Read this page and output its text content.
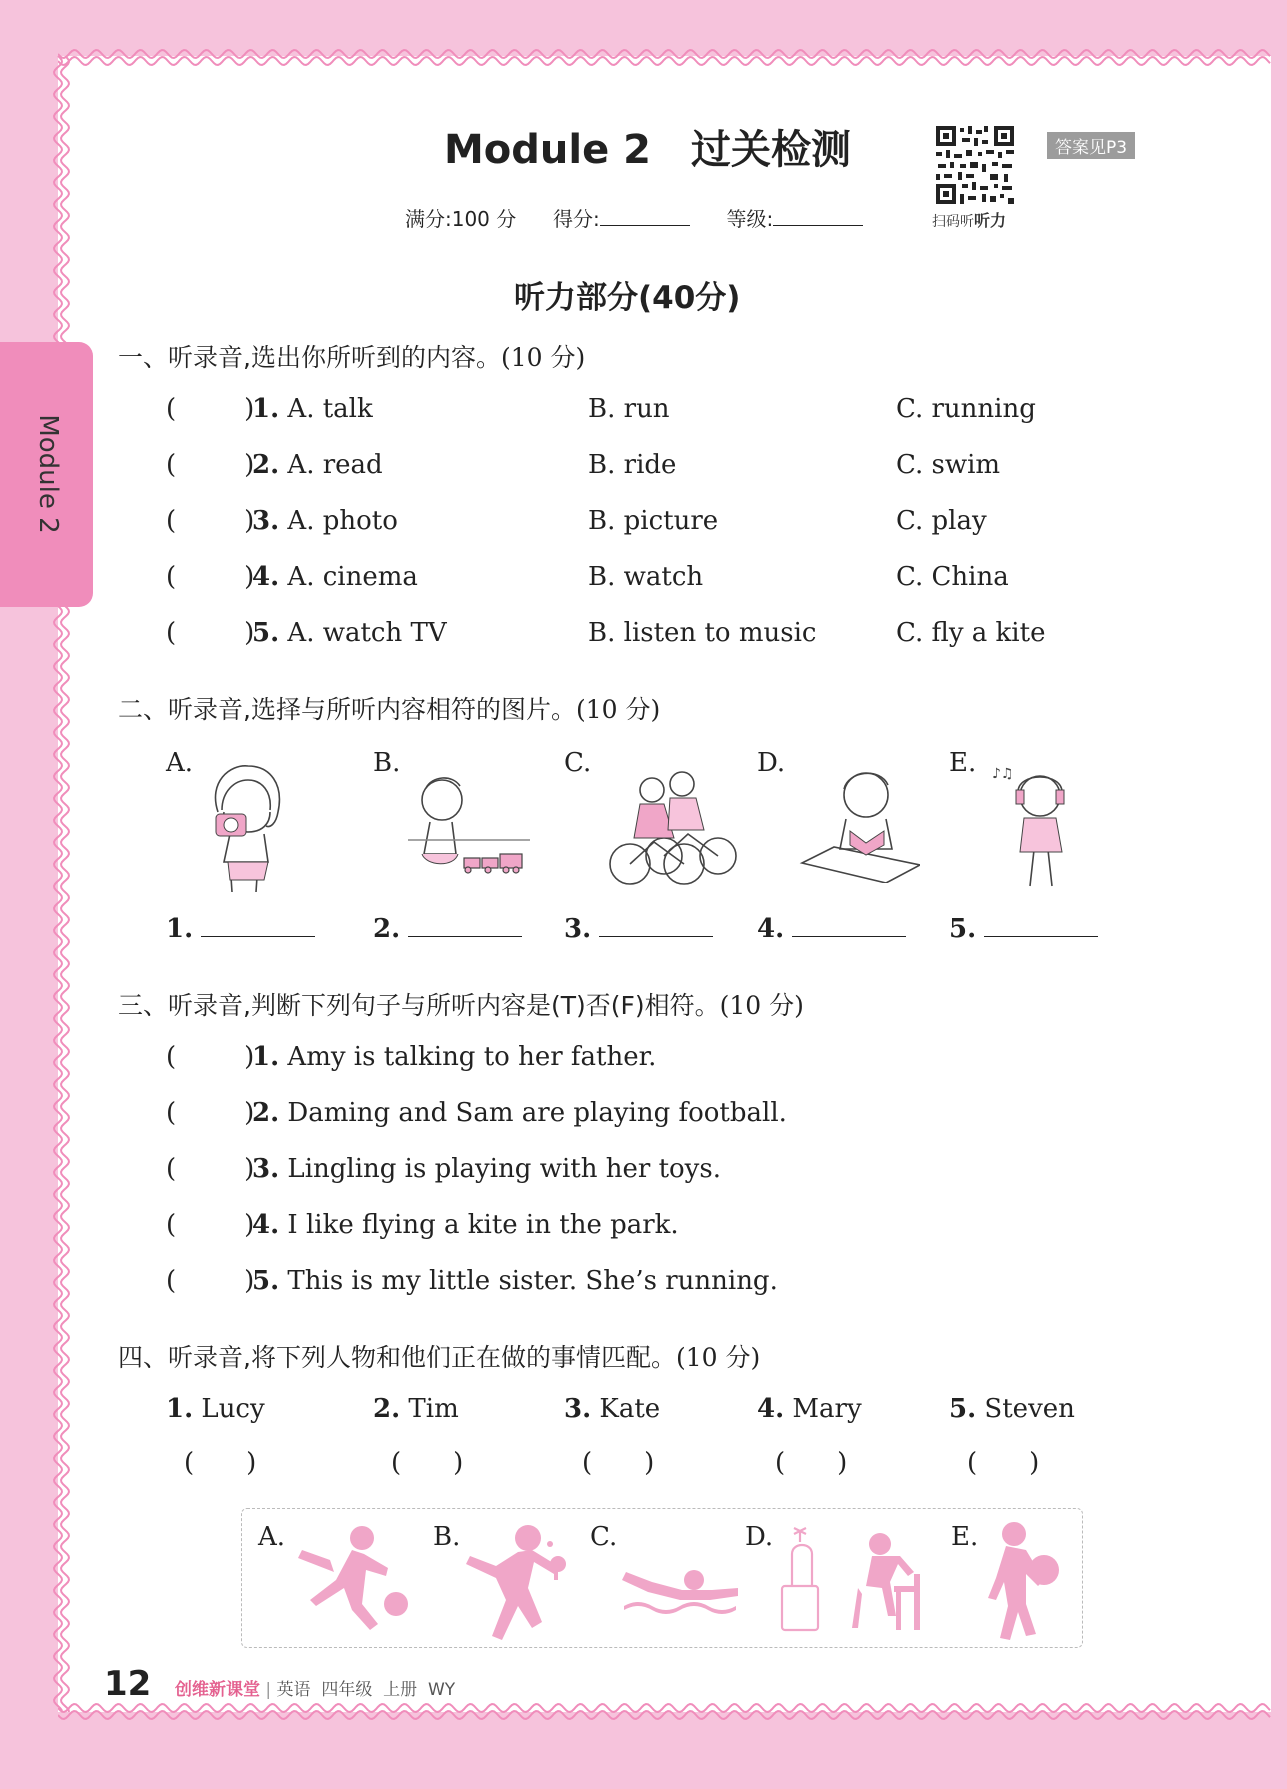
Module 2
Module 2　过关检测
扫码听听力
答案见P3
满分:100 分 得分:	等级:
听力部分(40分)
一、听录音,选出你所听到的内容。(10 分)
(	)
1. A. talk	B. run	C. running
(	)
2. A. read	B. ride	C. swim
(	)
3. A. photo	B. picture	C. play
(	)
4. A. cinema	B. watch	C. China
(	)
5. A. watch TV	B. listen to music	C. fly a kite
二、听录音,选择与所听内容相符的图片。(10 分)
A.	B.	C.	D.	E. ♪♫
1.	2.	3.	4.	5.
三、听录音,判断下列句子与所听内容是(T)否(F)相符。(10 分)
(	)
1. Amy is talking to her father.
(	)
2. Daming and Sam are playing football.
(	)
3. Lingling is playing with her toys.
(	)
4. I like flying a kite in the park.
(	)
5. This is my little sister. She’s running.
四、听录音,将下列人物和他们正在做的事情匹配。(10 分)
1. Lucy
( )
2. Tim
( )
3. Kate
( )
4. Mary
( )
5. Steven
( )
A.	B.	C.	D.	E.
12 创维新课堂 | 英语 四年级 上册 WY
